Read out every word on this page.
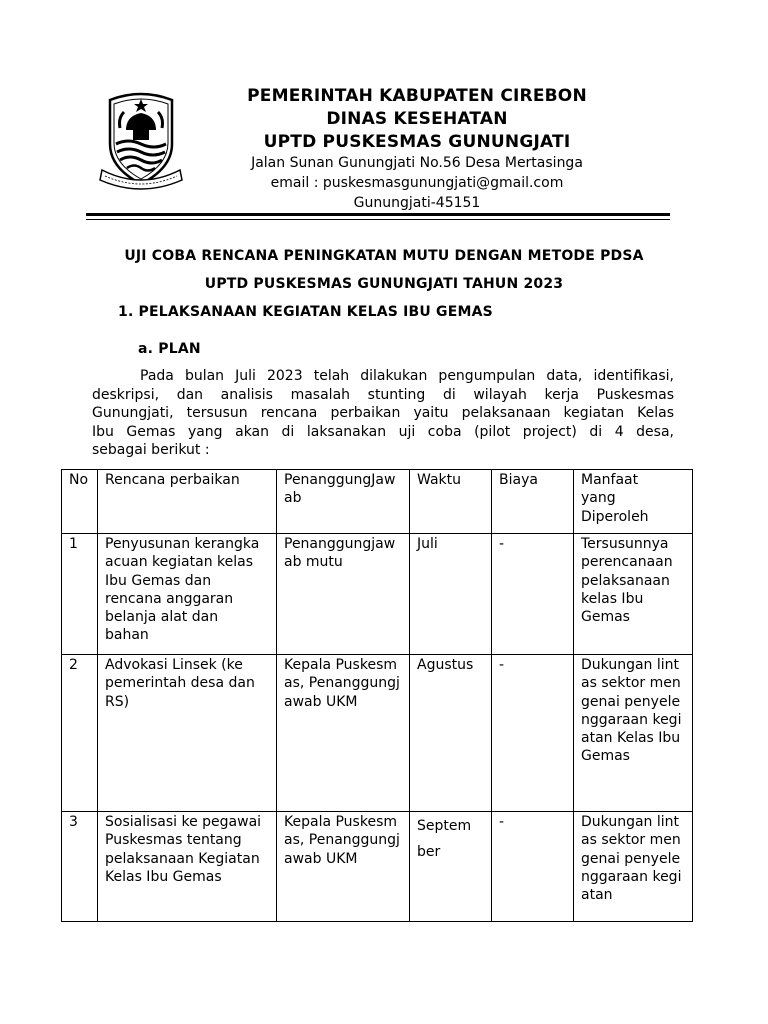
PEMERINTAH KABUPATEN CIREBON
DINAS KESEHATAN
UPTD PUSKESMAS GUNUNGJATI
Jalan Sunan Gunungjati No.56 Desa Mertasinga
email : puskesmasgunungjati@gmail.com
Gunungjati-45151
UJI COBA RENCANA PENINGKATAN MUTU DENGAN METODE PDSA
UPTD PUSKESMAS GUNUNGJATI TAHUN 2023
1. PELAKSANAAN KEGIATAN KELAS IBU GEMAS
a. PLAN
Pada bulan Juli 2023 telah dilakukan pengumpulan data, identifikasi,
deskripsi, dan analisis masalah stunting di wilayah kerja Puskesmas
Gunungjati, tersusun rencana perbaikan yaitu pelaksanaan kegiatan Kelas
Ibu Gemas yang akan di laksanakan uji coba (pilot project) di 4 desa,
sebagai berikut :
No	Rencana perbaikan	PenanggungJawab	Waktu	Biaya	Manfaat yang Diperoleh
1	Penyusunan kerangka acuan kegiatan kelas Ibu Gemas dan rencana anggaran belanja alat dan bahan	Penanggungjawab mutu	Juli	-	Tersusunnya perencanaan pelaksanaan kelas Ibu Gemas
2	Advokasi Linsek (ke pemerintah desa dan RS)	Kepala Puskesmas, Penanggungjawab UKM	Agustus	-	Dukungan lintas sektor mengenai penyelenggaraan kegiatan Kelas Ibu Gemas
3	Sosialisasi ke pegawai Puskesmas tentang pelaksanaan Kegiatan Kelas Ibu Gemas	Kepala Puskesmas, Penanggungjawab UKM	September	-	Dukungan lintas sektor mengenai penyelenggaraan kegiatan
